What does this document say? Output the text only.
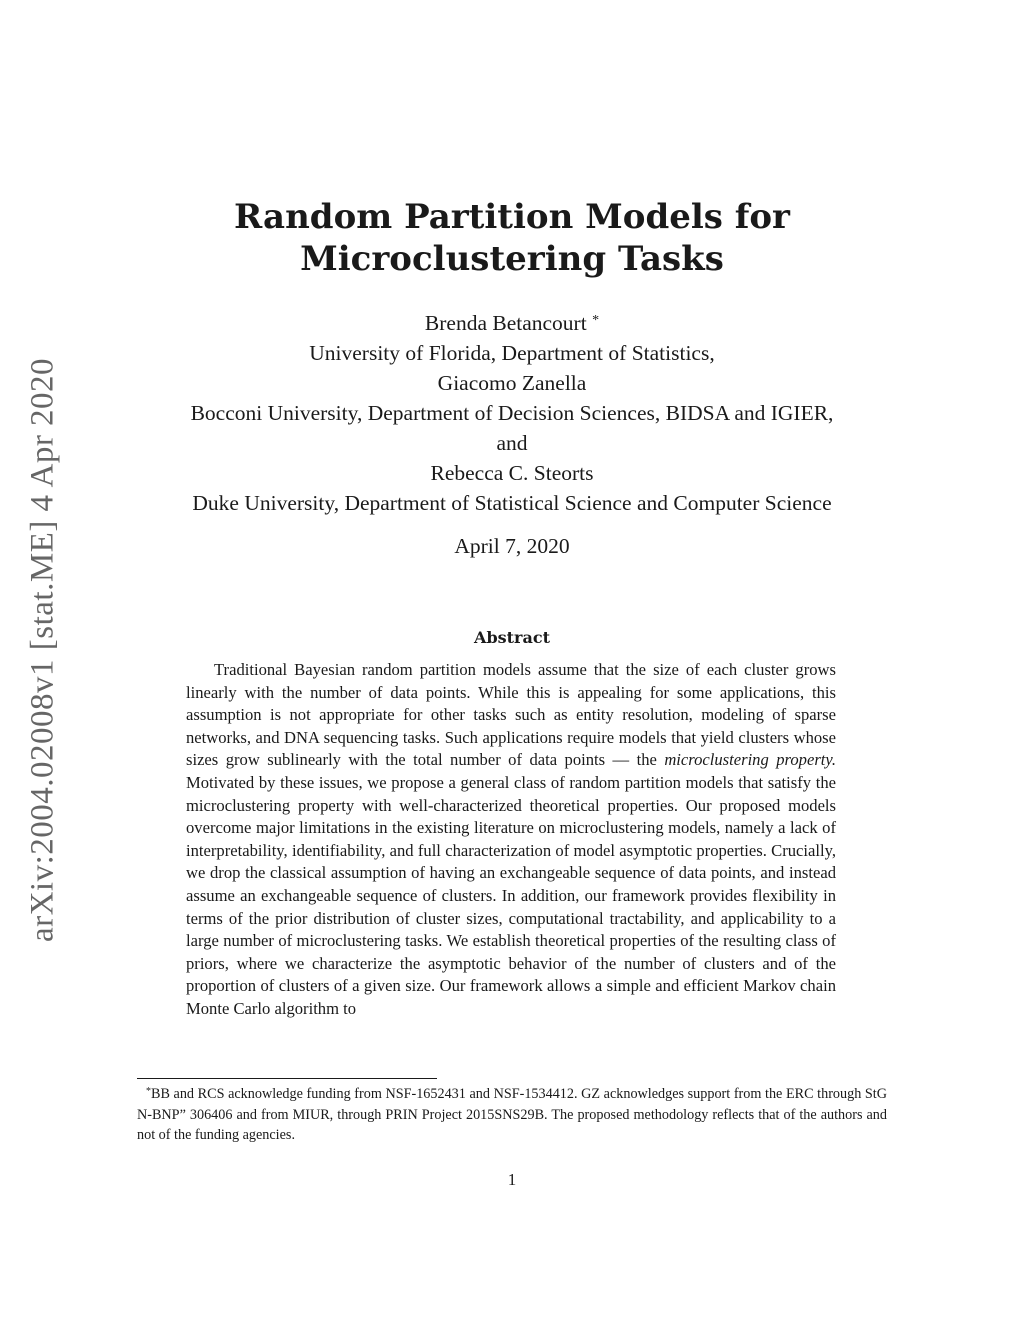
arXiv:2004.02008v1 [stat.ME] 4 Apr 2020
Random Partition Models for
Microclustering Tasks
Brenda Betancourt *
University of Florida, Department of Statistics,
Giacomo Zanella
Bocconi University, Department of Decision Sciences, BIDSA and IGIER,
and
Rebecca C. Steorts
Duke University, Department of Statistical Science and Computer Science
April 7, 2020
Abstract

Traditional Bayesian random partition models assume that the size of each cluster grows linearly with the number of data points. While this is appealing for some applications, this assumption is not appropriate for other tasks such as entity resolution, modeling of sparse networks, and DNA sequencing tasks. Such applications require models that yield clusters whose sizes grow sublinearly with the total number of data points — the microclustering property. Motivated by these issues, we propose a general class of random partition models that satisfy the microclustering property with well-characterized theoretical properties. Our proposed models overcome major limitations in the existing literature on microclustering models, namely a lack of interpretability, identifiability, and full characterization of model asymptotic properties. Crucially, we drop the classical assumption of having an exchangeable sequence of data points, and instead assume an exchangeable sequence of clusters. In addition, our framework provides flexibility in terms of the prior distribution of cluster sizes, computational tractability, and applicability to a large number of microclustering tasks. We establish theoretical properties of the resulting class of priors, where we characterize the asymptotic behavior of the number of clusters and of the proportion of clusters of a given size. Our framework allows a simple and efficient Markov chain Monte Carlo algorithm to

*BB and RCS acknowledge funding from NSF-1652431 and NSF-1534412. GZ acknowledges support from the ERC through StG N-BNP” 306406 and from MIUR, through PRIN Project 2015SNS29B. The proposed methodology reflects that of the authors and not of the funding agencies.

1
